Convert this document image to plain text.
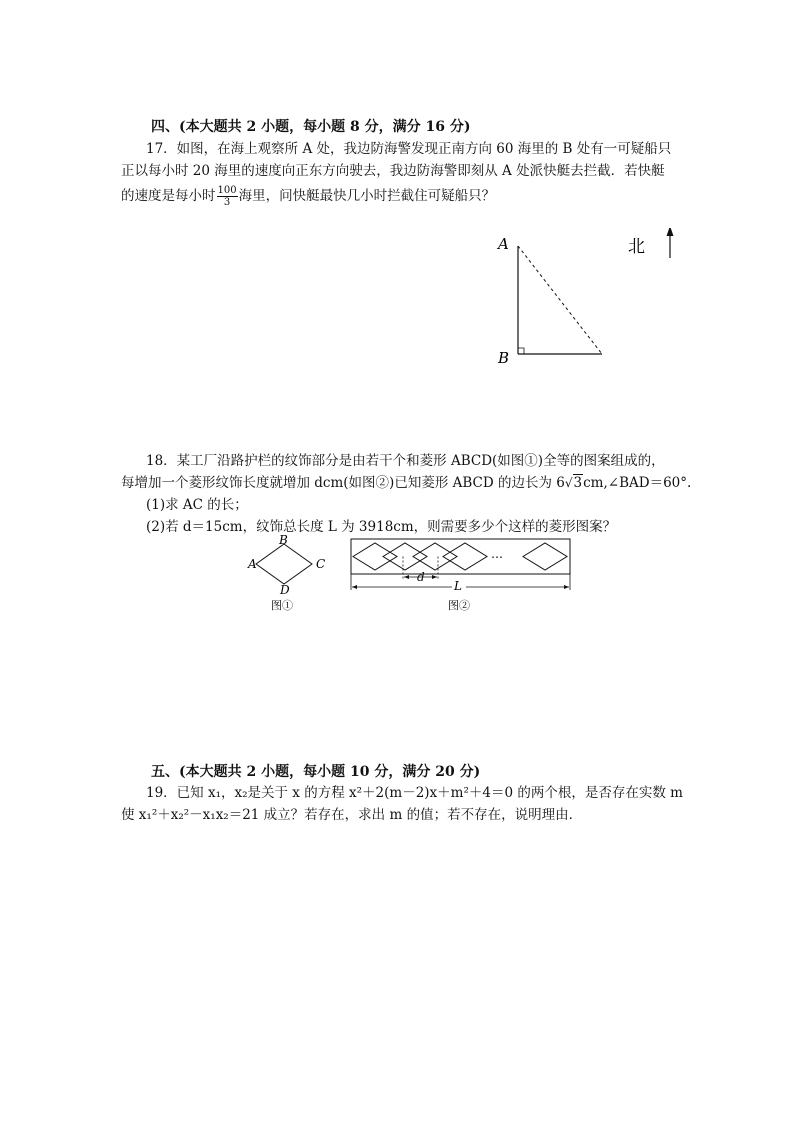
四、(本大题共 2 小题，每小题 8 分，满分 16 分)
17．如图，在海上观察所 A 处，我边防海警发现正南方向 60 海里的 B 处有一可疑船只
正以每小时 20 海里的速度向正东方向驶去，我边防海警即刻从 A 处派快艇去拦截．若快艇
的速度是每小时 $\frac{100}{3}$ 海里，问快艇最快几小时拦截住可疑船只？
A
B
北
18．某工厂沿路护栏的纹饰部分是由若干个和菱形 ABCD(如图①)全等的图案组成的，
每增加一个菱形纹饰长度就增加 dcm(如图②)已知菱形 ABCD 的边长为 6√3cm,∠BAD＝60°.
(1)求 AC 的长；
(2)若 d＝15cm，纹饰总长度 L 为 3918cm，则需要多少个这样的菱形图案？
B
A	C
D
图①
…
d
L
图②
五、(本大题共 2 小题，每小题 10 分，满分 20 分)
19．已知 x₁，x₂是关于 x 的方程 x²＋2(m－2)x＋m²＋4＝0 的两个根，是否存在实数 m
使 x₁²＋x₂²－x₁x₂＝21 成立？若存在，求出 m 的值；若不存在，说明理由．
